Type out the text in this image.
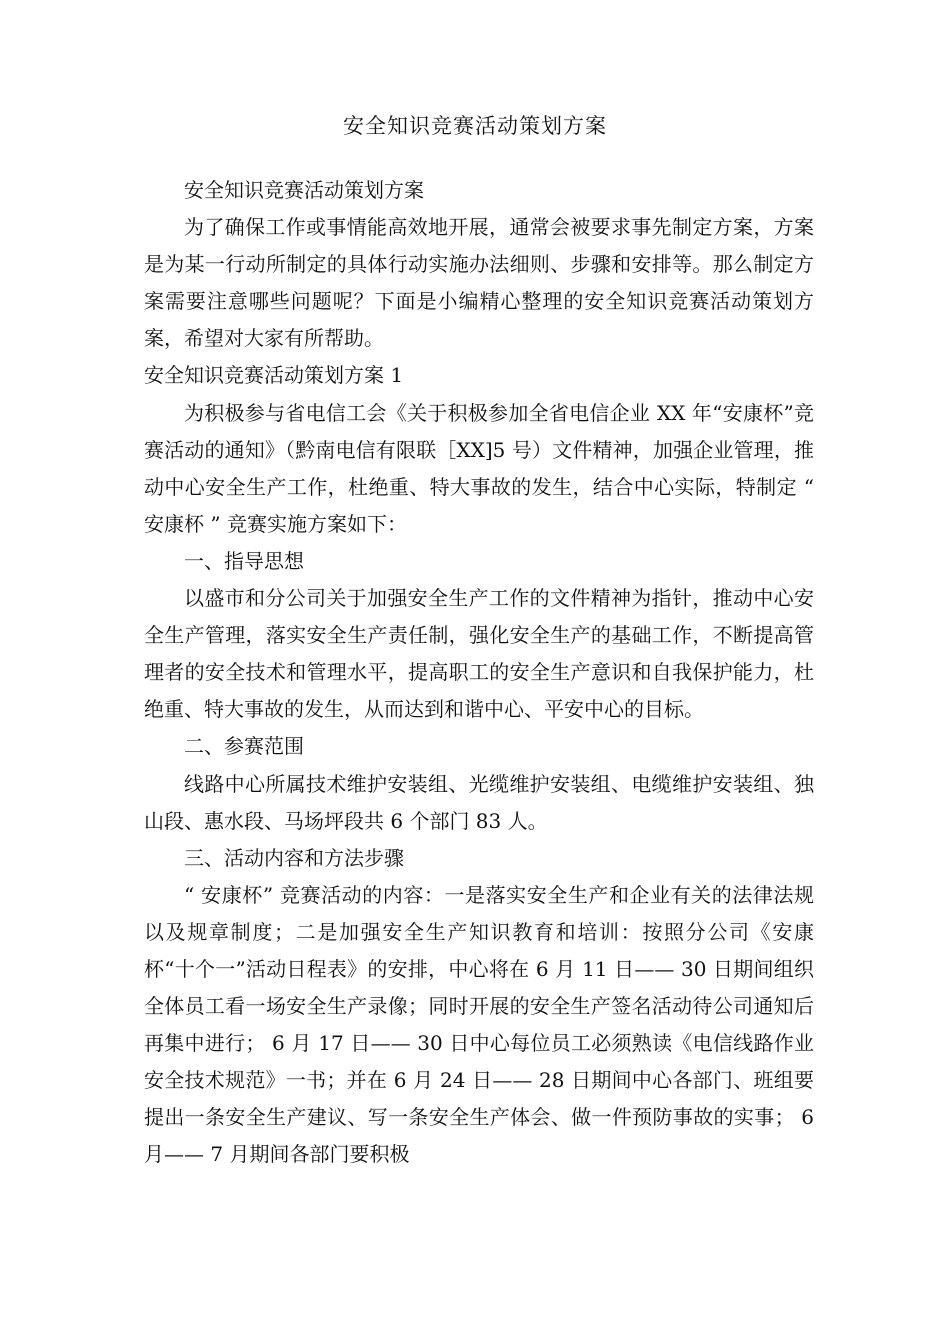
安全知识竞赛活动策划方案

安全知识竞赛活动策划方案

为了确保工作或事情能高效地开展，通常会被要求事先制定方案，方案是为某一行动所制定的具体行动实施办法细则、步骤和安排等。那么制定方案需要注意哪些问题呢？下面是小编精心整理的安全知识竞赛活动策划方案，希望对大家有所帮助。

安全知识竞赛活动策划方案 1

为积极参与省电信工会《关于积极参加全省电信企业 XX 年“安康杯”竞赛活动的通知》（黔南电信有限联［XX]5 号）文件精神，加强企业管理，推动中心安全生产工作，杜绝重、特大事故的发生，结合中心实际，特制定 “ 安康杯 ” 竞赛实施方案如下：

一、指导思想

以盛市和分公司关于加强安全生产工作的文件精神为指针，推动中心安全生产管理，落实安全生产责任制，强化安全生产的基础工作，不断提高管理者的安全技术和管理水平，提高职工的安全生产意识和自我保护能力，杜绝重、特大事故的发生，从而达到和谐中心、平安中心的目标。

二、参赛范围

线路中心所属技术维护安装组、光缆维护安装组、电缆维护安装组、独山段、惠水段、马场坪段共 6 个部门 83 人。

三、活动内容和方法步骤

“ 安康杯” 竞赛活动的内容：一是落实安全生产和企业有关的法律法规以及规章制度；二是加强安全生产知识教育和培训：按照分公司《安康杯“十个一”活动日程表》的安排，中心将在 6 月 11 日—— 30 日期间组织全体员工看一场安全生产录像；同时开展的安全生产签名活动待公司通知后再集中进行； 6 月 17 日—— 30 日中心每位员工必须熟读《电信线路作业安全技术规范》一书；并在 6 月 24 日—— 28 日期间中心各部门、班组要提出一条安全生产建议、写一条安全生产体会、做一件预防事故的实事； 6 月—— 7 月期间各部门要积极
